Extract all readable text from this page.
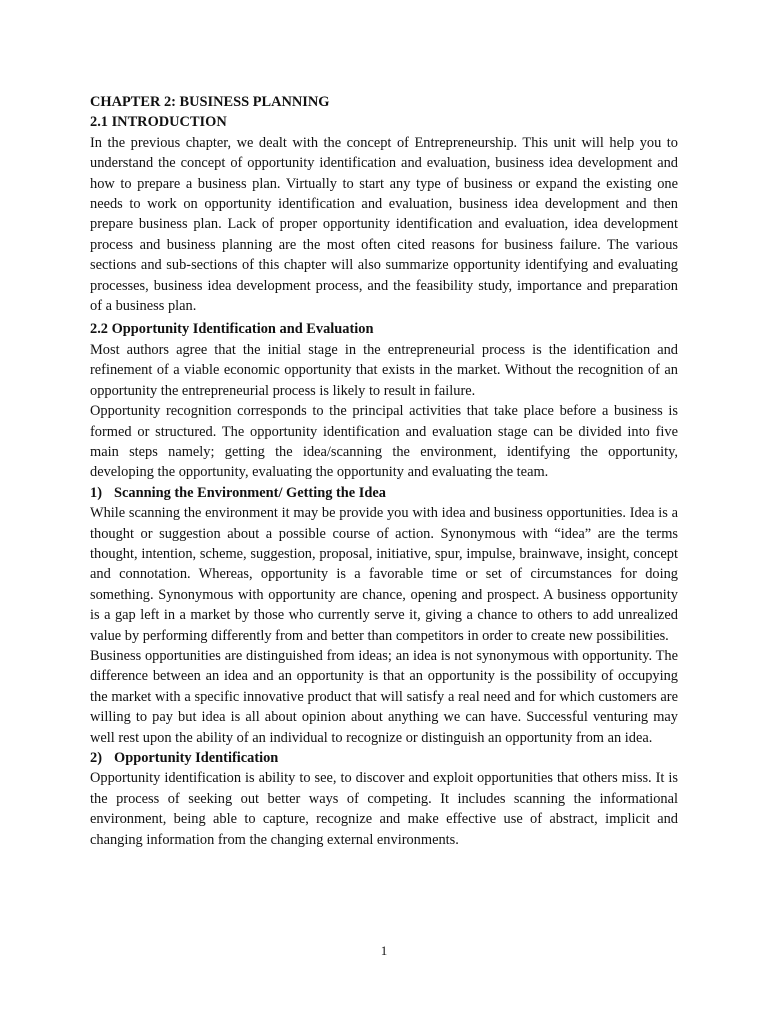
CHAPTER 2: BUSINESS PLANNING

2.1 INTRODUCTION

In the previous chapter, we dealt with the concept of Entrepreneurship. This unit will help you to understand the concept of opportunity identification and evaluation, business idea development and how to prepare a business plan. Virtually to start any type of business or expand the existing one needs to work on opportunity identification and evaluation, business idea development and then prepare business plan. Lack of proper opportunity identification and evaluation, idea development process and business planning are the most often cited reasons for business failure. The various sections and sub-sections of this chapter will also summarize opportunity identifying and evaluating processes, business idea development process, and the feasibility study, importance and preparation of a business plan.

2.2 Opportunity Identification and Evaluation

Most authors agree that the initial stage in the entrepreneurial process is the identification and refinement of a viable economic opportunity that exists in the market. Without the recognition of an opportunity the entrepreneurial process is likely to result in failure.

Opportunity recognition corresponds to the principal activities that take place before a business is formed or structured. The opportunity identification and evaluation stage can be divided into five main steps namely; getting the idea/scanning the environment, identifying the opportunity, developing the opportunity, evaluating the opportunity and evaluating the team.

1) Scanning the Environment/ Getting the Idea

While scanning the environment it may be provide you with idea and business opportunities. Idea is a thought or suggestion about a possible course of action. Synonymous with “idea” are the terms thought, intention, scheme, suggestion, proposal, initiative, spur, impulse, brainwave, insight, concept and connotation. Whereas, opportunity is a favorable time or set of circumstances for doing something. Synonymous with opportunity are chance, opening and prospect. A business opportunity is a gap left in a market by those who currently serve it, giving a chance to others to add unrealized value by performing differently from and better than competitors in order to create new possibilities.

Business opportunities are distinguished from ideas; an idea is not synonymous with opportunity. The difference between an idea and an opportunity is that an opportunity is the possibility of occupying the market with a specific innovative product that will satisfy a real need and for which customers are willing to pay but idea is all about opinion about anything we can have. Successful venturing may well rest upon the ability of an individual to recognize or distinguish an opportunity from an idea.

2) Opportunity Identification

Opportunity identification is ability to see, to discover and exploit opportunities that others miss. It is the process of seeking out better ways of competing. It includes scanning the informational environment, being able to capture, recognize and make effective use of abstract, implicit and changing information from the changing external environments.

1
